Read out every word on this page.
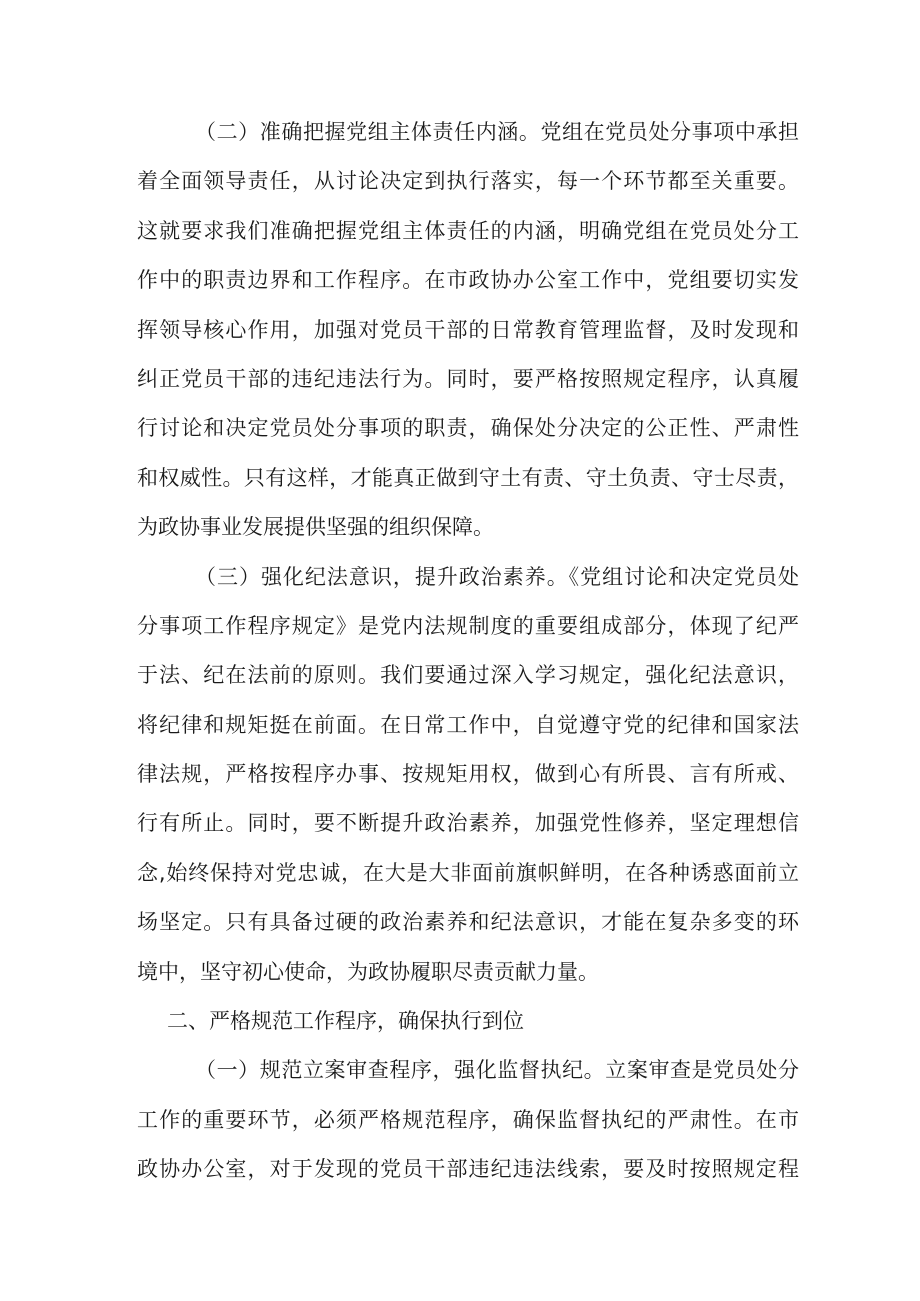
（二）准确把握党组主体责任内涵。党组在党员处分事项中承担
着全面领导责任，从讨论决定到执行落实，每一个环节都至关重要。
这就要求我们准确把握党组主体责任的内涵，明确党组在党员处分工
作中的职责边界和工作程序。在市政协办公室工作中，党组要切实发
挥领导核心作用，加强对党员干部的日常教育管理监督，及时发现和
纠正党员干部的违纪违法行为。同时，要严格按照规定程序，认真履
行讨论和决定党员处分事项的职责，确保处分决定的公正性、严肃性
和权威性。只有这样，才能真正做到守土有责、守土负责、守士尽责，
为政协事业发展提供坚强的组织保障。
（三）强化纪法意识，提升政治素养。《党组讨论和决定党员处
分事项工作程序规定》是党内法规制度的重要组成部分，体现了纪严
于法、纪在法前的原则。我们要通过深入学习规定，强化纪法意识，
将纪律和规矩挺在前面。在日常工作中，自觉遵守党的纪律和国家法
律法规，严格按程序办事、按规矩用权，做到心有所畏、言有所戒、
行有所止。同时，要不断提升政治素养，加强党性修养，坚定理想信
念,始终保持对党忠诚，在大是大非面前旗帜鲜明，在各种诱惑面前立
场坚定。只有具备过硬的政治素养和纪法意识，才能在复杂多变的环
境中，坚守初心使命，为政协履职尽责贡献力量。
二、严格规范工作程序，确保执行到位
（一）规范立案审查程序，强化监督执纪。立案审查是党员处分
工作的重要环节，必须严格规范程序，确保监督执纪的严肃性。在市
政协办公室，对于发现的党员干部违纪违法线索，要及时按照规定程
